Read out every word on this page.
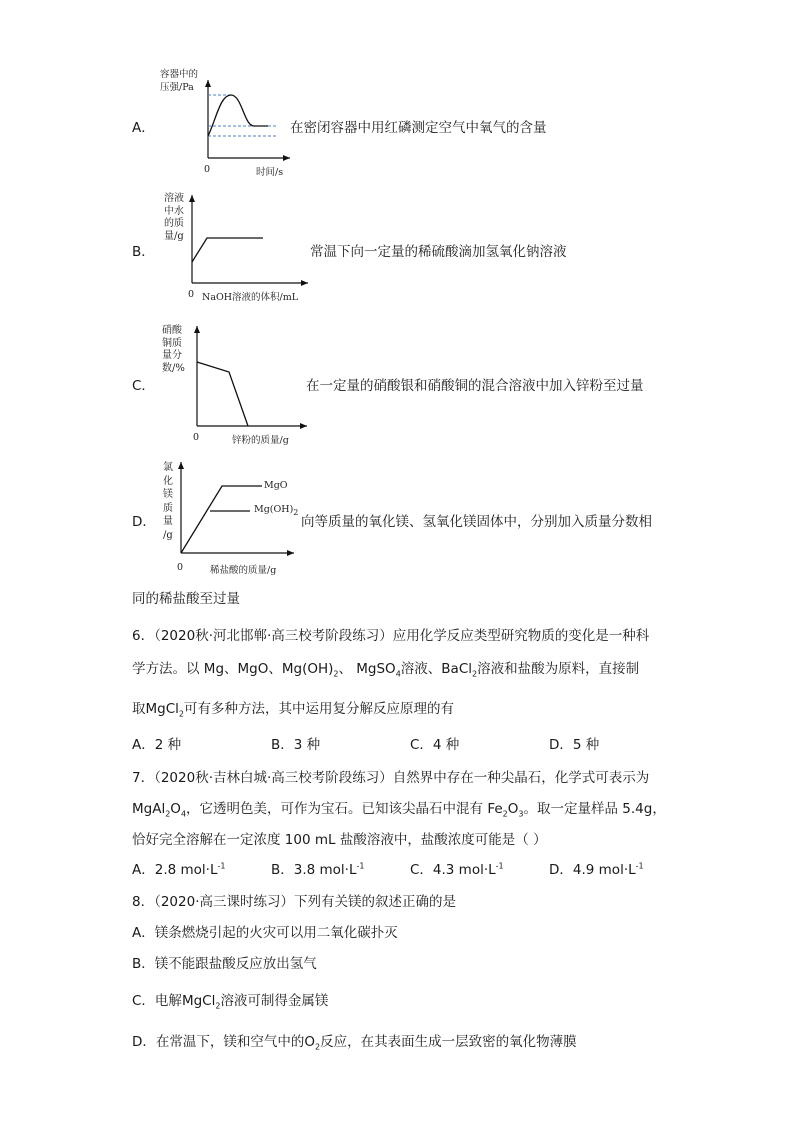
A．
容器中的
压强/Pa
0	时间/s
在密闭容器中用红磷测定空气中氧气的含量
B．
溶液
中水
的质
量/g
0 NaOH溶液的体积/mL
常温下向一定量的稀硫酸滴加氢氧化钠溶液
C．
硝酸
铜质
量分
数/%
0	锌粉的质量/g
在一定量的硝酸银和硝酸铜的混合溶液中加入锌粉至过量
D．
氯
化
镁
质
量
/g
MgO
$Mg(OH)_2$
0	稀盐酸的质量/g
向等质量的氧化镁、氢氧化镁固体中，分别加入质量分数相
同的稀盐酸至过量
6．（2020秋·河北邯郸·高三校考阶段练习）应用化学反应类型研究物质的变化是一种科
学方法。以 Mg、MgO、$Mg(OH)_2$、 MgSO$_4$溶液、BaCl$_2$溶液和盐酸为原料，直接制
取MgCl$_2$可有多种方法，其中运用复分解反应原理的有
A．2 种	B．3 种	C．4 种	D．5 种
7．（2020秋·吉林白城·高三校考阶段练习）自然界中存在一种尖晶石，化学式可表示为
$MgAl_2O_4$，它透明色美，可作为宝石。已知该尖晶石中混有 $Fe_2O_3$。取一定量样品 5.4g，
恰好完全溶解在一定浓度 100 mL 盐酸溶液中，盐酸浓度可能是（ ）
A．2.8 $mol\cdot L^{-1}$	B．3.8 $mol\cdot L^{-1}$	C．4.3 $mol\cdot L^{-1}$	D．4.9 $mol\cdot L^{-1}$
8．（2020·高三课时练习）下列有关镁的叙述正确的是
A．镁条燃烧引起的火灾可以用二氧化碳扑灭
B．镁不能跟盐酸反应放出氢气
C．电解MgCl$_2$溶液可制得金属镁
D．在常温下，镁和空气中的$O_2$反应，在其表面生成一层致密的氧化物薄膜
